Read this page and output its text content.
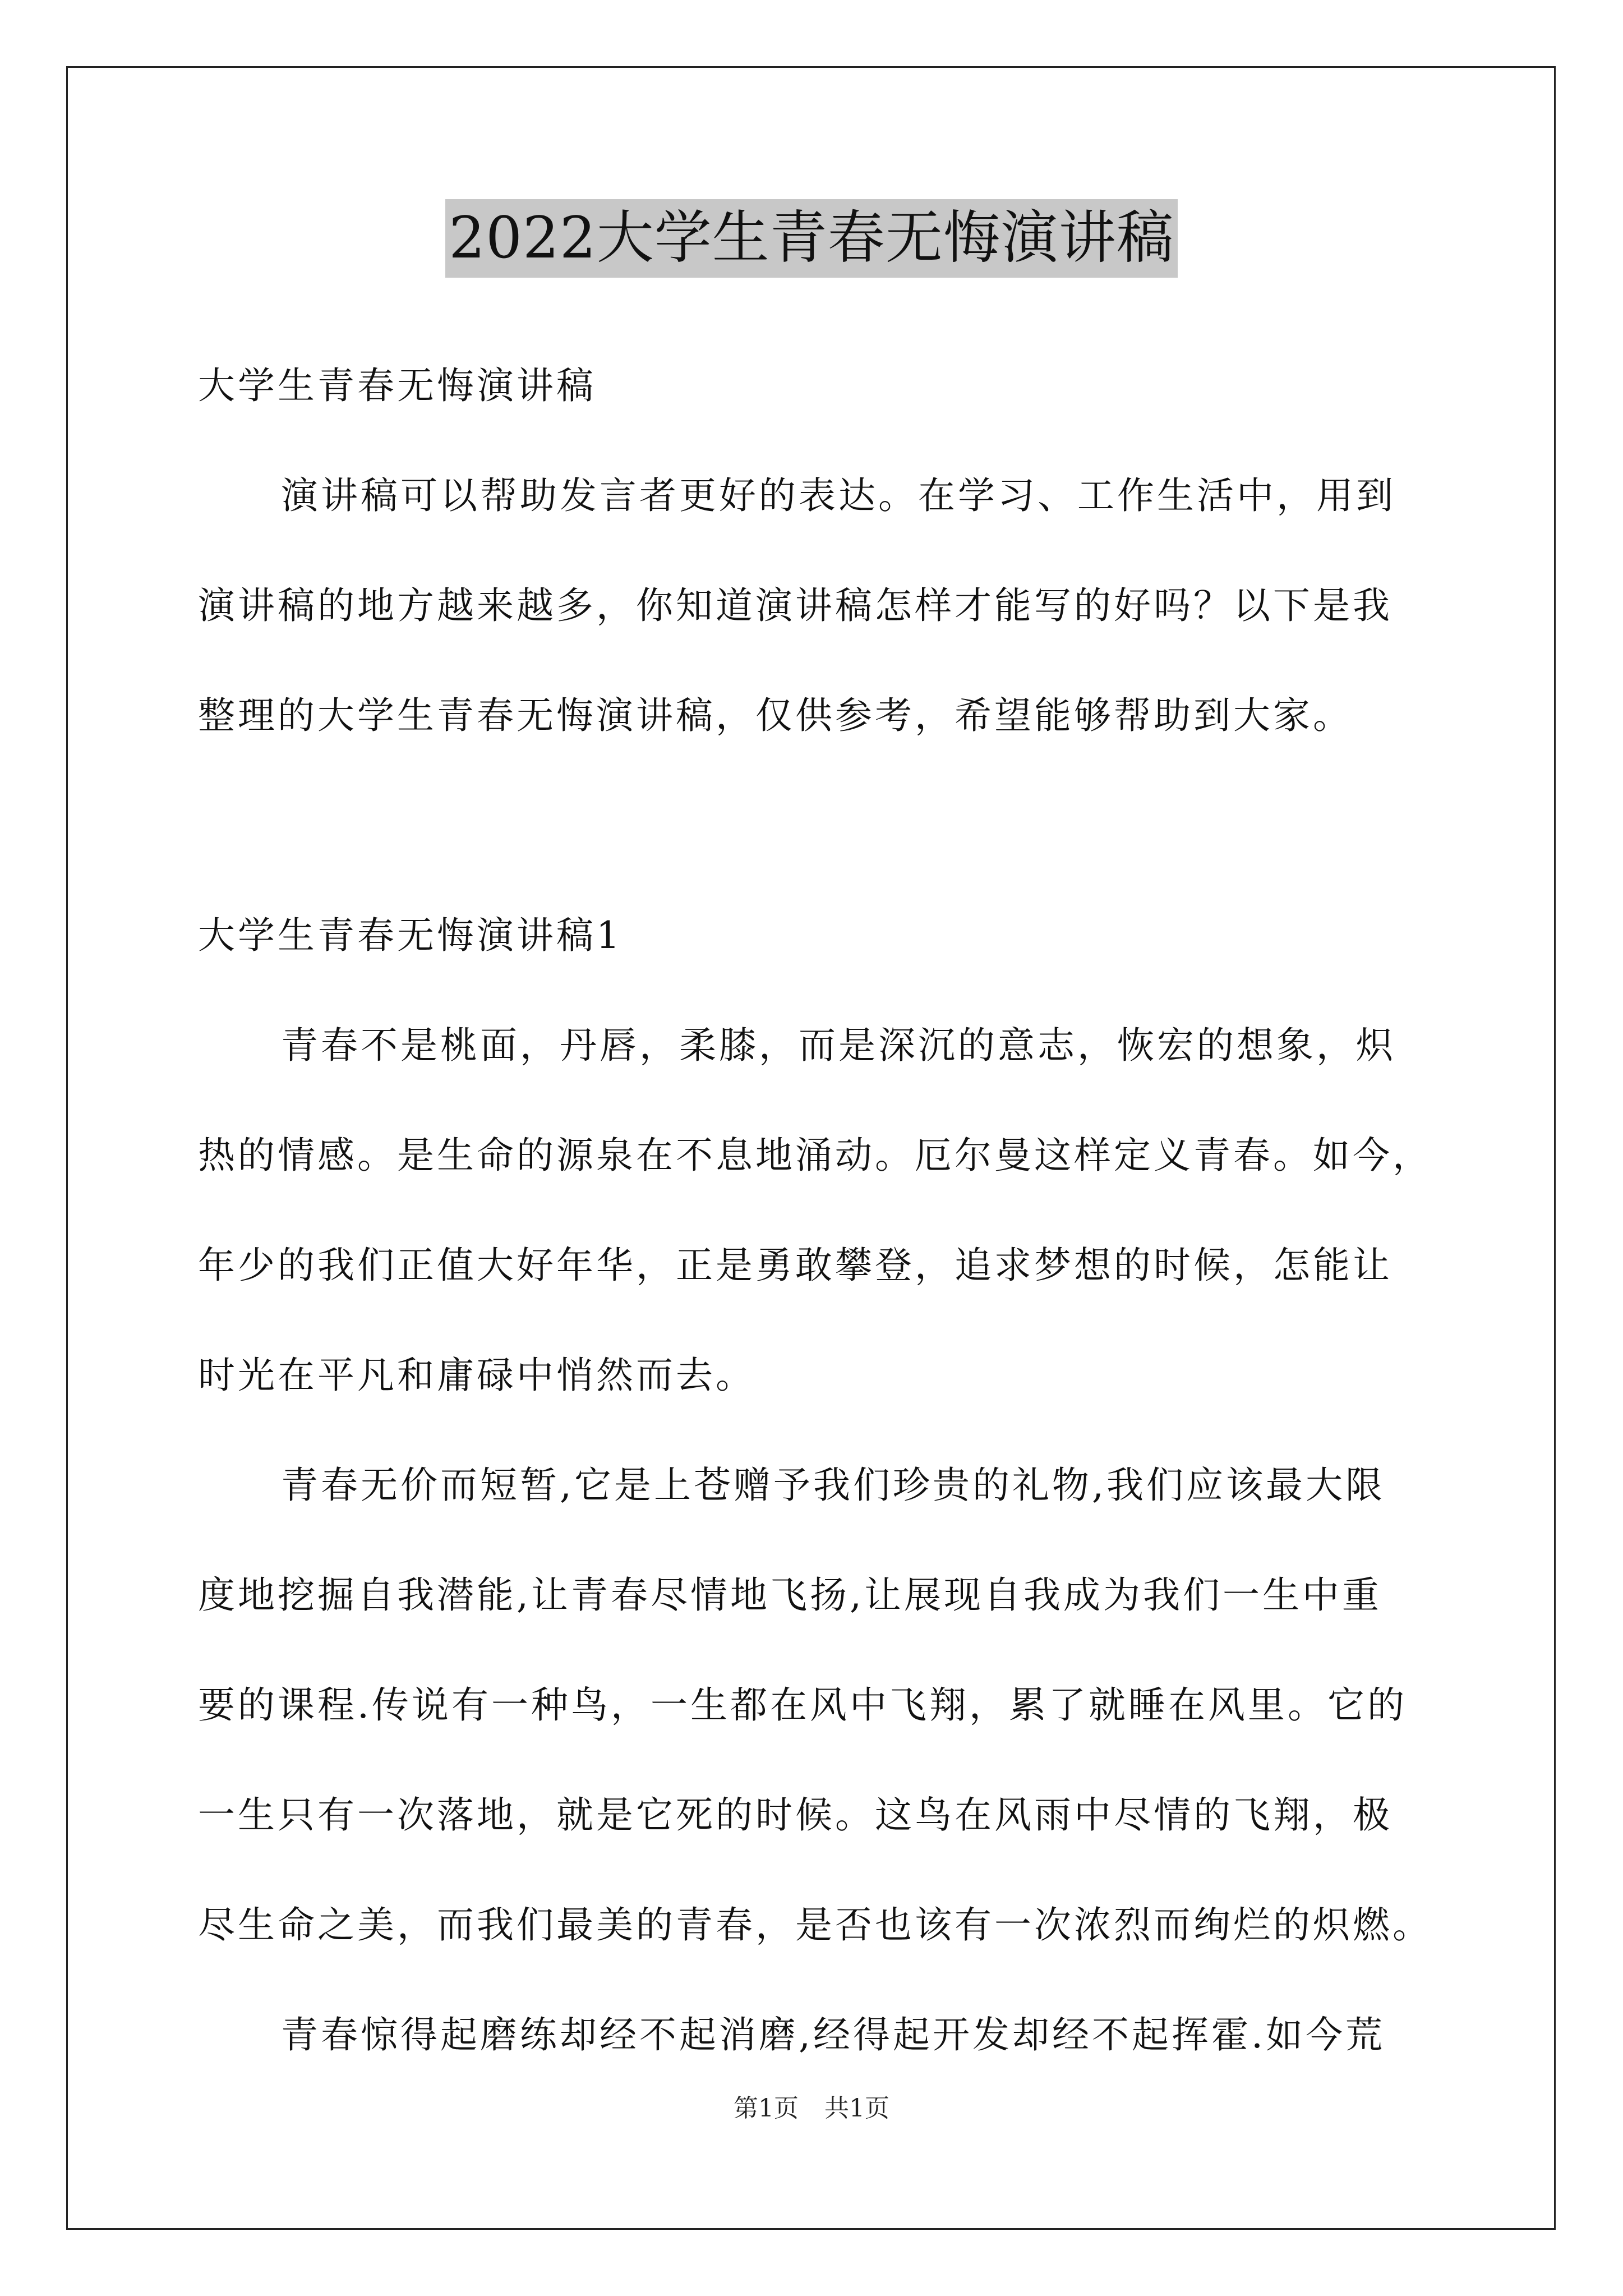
2022大学生青春无悔演讲稿
大学生青春无悔演讲稿
演讲稿可以帮助发言者更好的表达。在学习、工作生活中，用到
演讲稿的地方越来越多，你知道演讲稿怎样才能写的好吗？以下是我
整理的大学生青春无悔演讲稿，仅供参考，希望能够帮助到大家。
大学生青春无悔演讲稿1
青春不是桃面，丹唇，柔膝，而是深沉的意志，恢宏的想象，炽
热的情感。是生命的源泉在不息地涌动。厄尔曼这样定义青春。如今，
年少的我们正值大好年华，正是勇敢攀登，追求梦想的时候，怎能让
时光在平凡和庸碌中悄然而去。
青春无价而短暂,它是上苍赠予我们珍贵的礼物,我们应该最大限
度地挖掘自我潜能,让青春尽情地飞扬,让展现自我成为我们一生中重
要的课程.传说有一种鸟，一生都在风中飞翔，累了就睡在风里。它的
一生只有一次落地，就是它死的时候。这鸟在风雨中尽情的飞翔，极
尽生命之美，而我们最美的青春，是否也该有一次浓烈而绚烂的炽燃。
青春惊得起磨练却经不起消磨,经得起开发却经不起挥霍.如今荒
第1页 共1页
